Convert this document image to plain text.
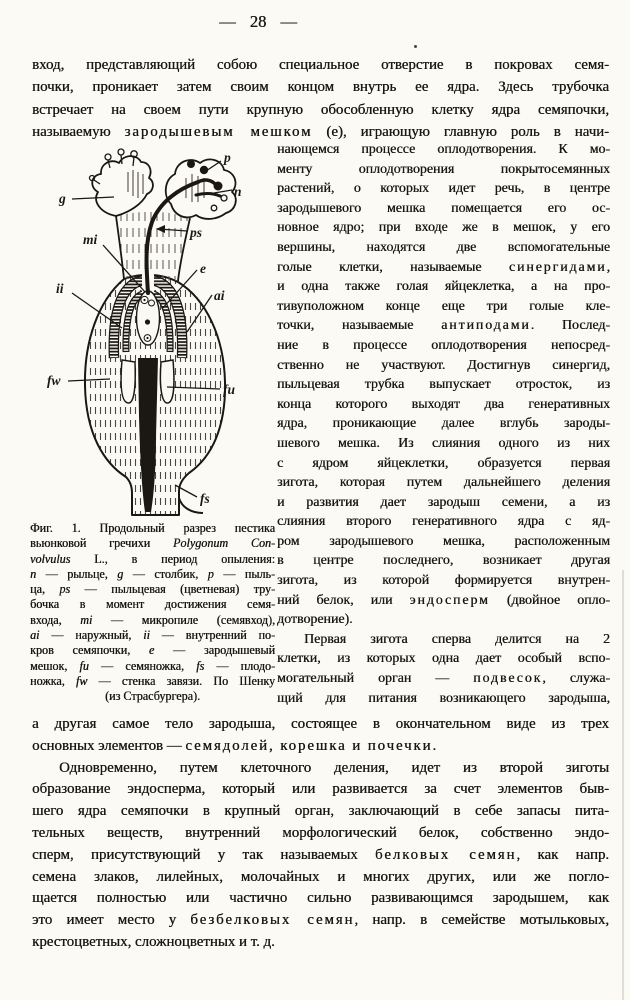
— 28 —
вход, представляющий собою специальное отверстие в покровах семя-
почки, проникает затем своим концом внутрь ее ядра. Здесь трубочка
встречает на своем пути крупную обособленную клетку ядра семяпочки,
называемую зародышевым мешком (е), играющую главную роль в начи-
p
n
g
mi	ps
e
ai
ii
fw
fu
fs
Фиг. 1. Продольный разрез пестика
вьюнковой гречихи Polygonum Con-
volvulus L., в период опыления:
n — рыльце, g — столбик, p — пыль-
ца, ps — пыльцевая (цветневая) тру-
бочка в момент достижения семя-
входа, mi — микропиле (семявход),
ai — наружный, ii — внутренний по-
кров семяпочки, е — зародышевый
мешок, fu — семяножка, fs — плодо-
ножка, fw — стенка завязи. По Шенку
(из Страсбургера).
нающемся процессе оплодотворения. К мо-
менту оплодотворения покрытосемянных
растений, о которых идет речь, в центре
зародышевого мешка помещается его ос-
новное ядро; при входе же в мешок, у его
вершины, находятся две вспомогательные
голые клетки, называемые синергидами,
и одна также голая яйцеклетка, а на про-
тивуположном конце еще три голые кле-
точки, называемые антиподами. Послед-
ние в процессе оплодотворения непосред-
ственно не участвуют. Достигнув синергид,
пыльцевая трубка выпускает отросток, из
конца которого выходят два генеративных
ядра, проникающие далее вглубь зароды-
шевого мешка. Из слияния одного из них
с ядром яйцеклетки, образуется первая
зигота, которая путем дальнейшего деления
и развития дает зародыш семени, а из
слияния второго генеративного ядра с яд-
ром зародышевого мешка, расположенным
в центре последнего, возникает другая
зигота, из которой формируется внутрен-
ний белок, или эндосперм (двойное опло-
дотворение).
Первая зигота сперва делится на 2
клетки, из которых одна дает особый вспо-
могательный орган — подвесок, служа-
щий для питания возникающего зародыша,
а другая самое тело зародыша, состоящее в окончательном виде из трех
основных элементов — семядолей, корешка и почечки.
Одновременно, путем клеточного деления, идет из второй зиготы
образование эндосперма, который или развивается за счет элементов быв-
шего ядра семяпочки в крупный орган, заключающий в себе запасы пита-
тельных веществ, внутренний морфологический белок, собственно эндо-
сперм, присутствующий у так называемых белковых семян, как напр.
семена злаков, лилейных, молочайных и многих других, или же погло-
щается полностью или частично сильно развивающимся зародышем, как
это имеет место у безбелковых семян, напр. в семействе мотыльковых,
крестоцветных, сложноцветных и т. д.
